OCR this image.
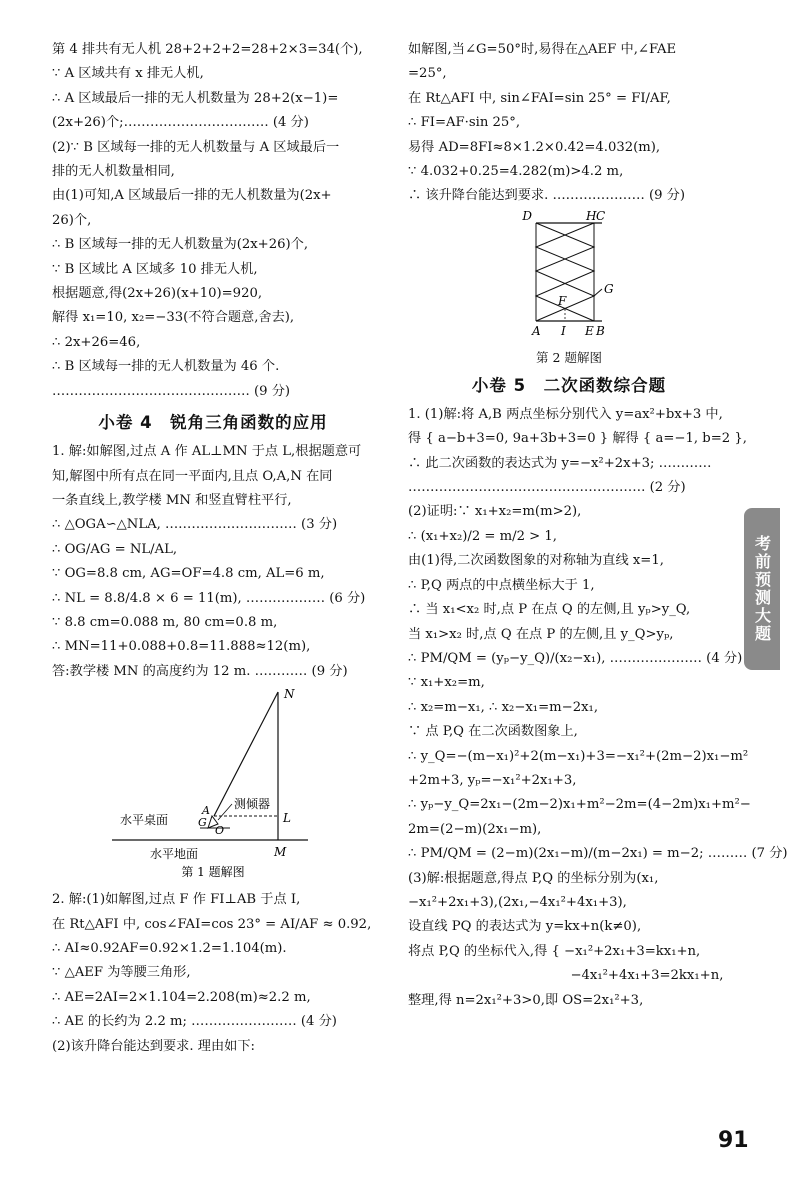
第 4 排共有无人机 28+2+2+2=28+2×3=34(个),
∵ A 区域共有 x 排无人机,
∴ A 区域最后一排的无人机数量为 28+2(x−1)=
(2x+26)个;…………………………… (4 分)
(2)∵ B 区域每一排的无人机数量与 A 区域最后一
排的无人机数量相同,
由(1)可知,A 区域最后一排的无人机数量为(2x+
26)个,
∴ B 区域每一排的无人机数量为(2x+26)个,
∵ B 区域比 A 区域多 10 排无人机,
根据题意,得(2x+26)(x+10)=920,
解得 x₁=10, x₂=−33(不符合题意,舍去),
∴ 2x+26=46,
∴ B 区域每一排的无人机数量为 46 个.
……………………………………… (9 分)
小卷 4　锐角三角函数的应用
1. 解:如解图,过点 A 作 AL⊥MN 于点 L,根据题意可
知,解图中所有点在同一平面内,且点 O,A,N 在同
一条直线上,教学楼 MN 和竖直臂柱平行,
∴ △OGA∽△NLA, ………………………… (3 分)
∴ OG/AG = NL/AL,
∵ OG=8.8 cm, AG=OF=4.8 cm, AL=6 m,
∴ NL = 8.8/4.8 × 6 = 11(m), ……………… (6 分)
∵ 8.8 cm=0.088 m, 80 cm=0.8 m,
∴ MN=11+0.088+0.8=11.888≈12(m),
答:教学楼 MN 的高度约为 12 m. ………… (9 分)
N
A
G
O
L
M
测倾器
水平桌面
水平地面
第 1 题解图
2. 解:(1)如解图,过点 F 作 FI⊥AB 于点 I,
在 Rt△AFI 中, cos∠FAI=cos 23° = AI/AF ≈ 0.92,
∴ AI≈0.92AF=0.92×1.2=1.104(m).
∵ △AEF 为等腰三角形,
∴ AE=2AI=2×1.104=2.208(m)≈2.2 m,
∴ AE 的长约为 2.2 m; …………………… (4 分)
(2)该升降台能达到要求. 理由如下:
如解图,当∠G=50°时,易得在△AEF 中,∠FAE
=25°,
在 Rt△AFI 中, sin∠FAI=sin 25° = FI/AF,
∴ FI=AF·sin 25°,
易得 AD=8FI≈8×1.2×0.42=4.032(m),
∵ 4.032+0.25=4.282(m)>4.2 m,
∴ 该升降台能达到要求. ………………… (9 分)
D	H C
F
G
A I E B
第 2 题解图
小卷 5　二次函数综合题
1. (1)解:将 A,B 两点坐标分别代入 y=ax²+bx+3 中,
得 { a−b+3=0, 9a+3b+3=0 } 解得 { a=−1, b=2 },
∴ 此二次函数的表达式为 y=−x²+2x+3; …………
……………………………………………… (2 分)
(2)证明:∵ x₁+x₂=m(m>2),
∴ (x₁+x₂)/2 = m/2 > 1,
由(1)得,二次函数图象的对称轴为直线 x=1,
∴ P,Q 两点的中点横坐标大于 1,
∴ 当 x₁<x₂ 时,点 P 在点 Q 的左侧,且 yₚ>y_Q,
当 x₁>x₂ 时,点 Q 在点 P 的左侧,且 y_Q>yₚ,
∴ PM/QM = (yₚ−y_Q)/(x₂−x₁), ………………… (4 分)
∵ x₁+x₂=m,
∴ x₂=m−x₁, ∴ x₂−x₁=m−2x₁,
∵ 点 P,Q 在二次函数图象上,
∴ y_Q=−(m−x₁)²+2(m−x₁)+3=−x₁²+(2m−2)x₁−m²
+2m+3, yₚ=−x₁²+2x₁+3,
∴ yₚ−y_Q=2x₁−(2m−2)x₁+m²−2m=(4−2m)x₁+m²−
2m=(2−m)(2x₁−m),
∴ PM/QM = (2−m)(2x₁−m)/(m−2x₁) = m−2; ……… (7 分)
(3)解:根据题意,得点 P,Q 的坐标分别为(x₁,
−x₁²+2x₁+3),(2x₁,−4x₁²+4x₁+3),
设直线 PQ 的表达式为 y=kx+n(k≠0),
将点 P,Q 的坐标代入,得 { −x₁²+2x₁+3=kx₁+n,
　　　　　　　　　　　　 −4x₁²+4x₁+3=2kx₁+n,
整理,得 n=2x₁²+3>0,即 OS=2x₁²+3,
考前预测大题
91
